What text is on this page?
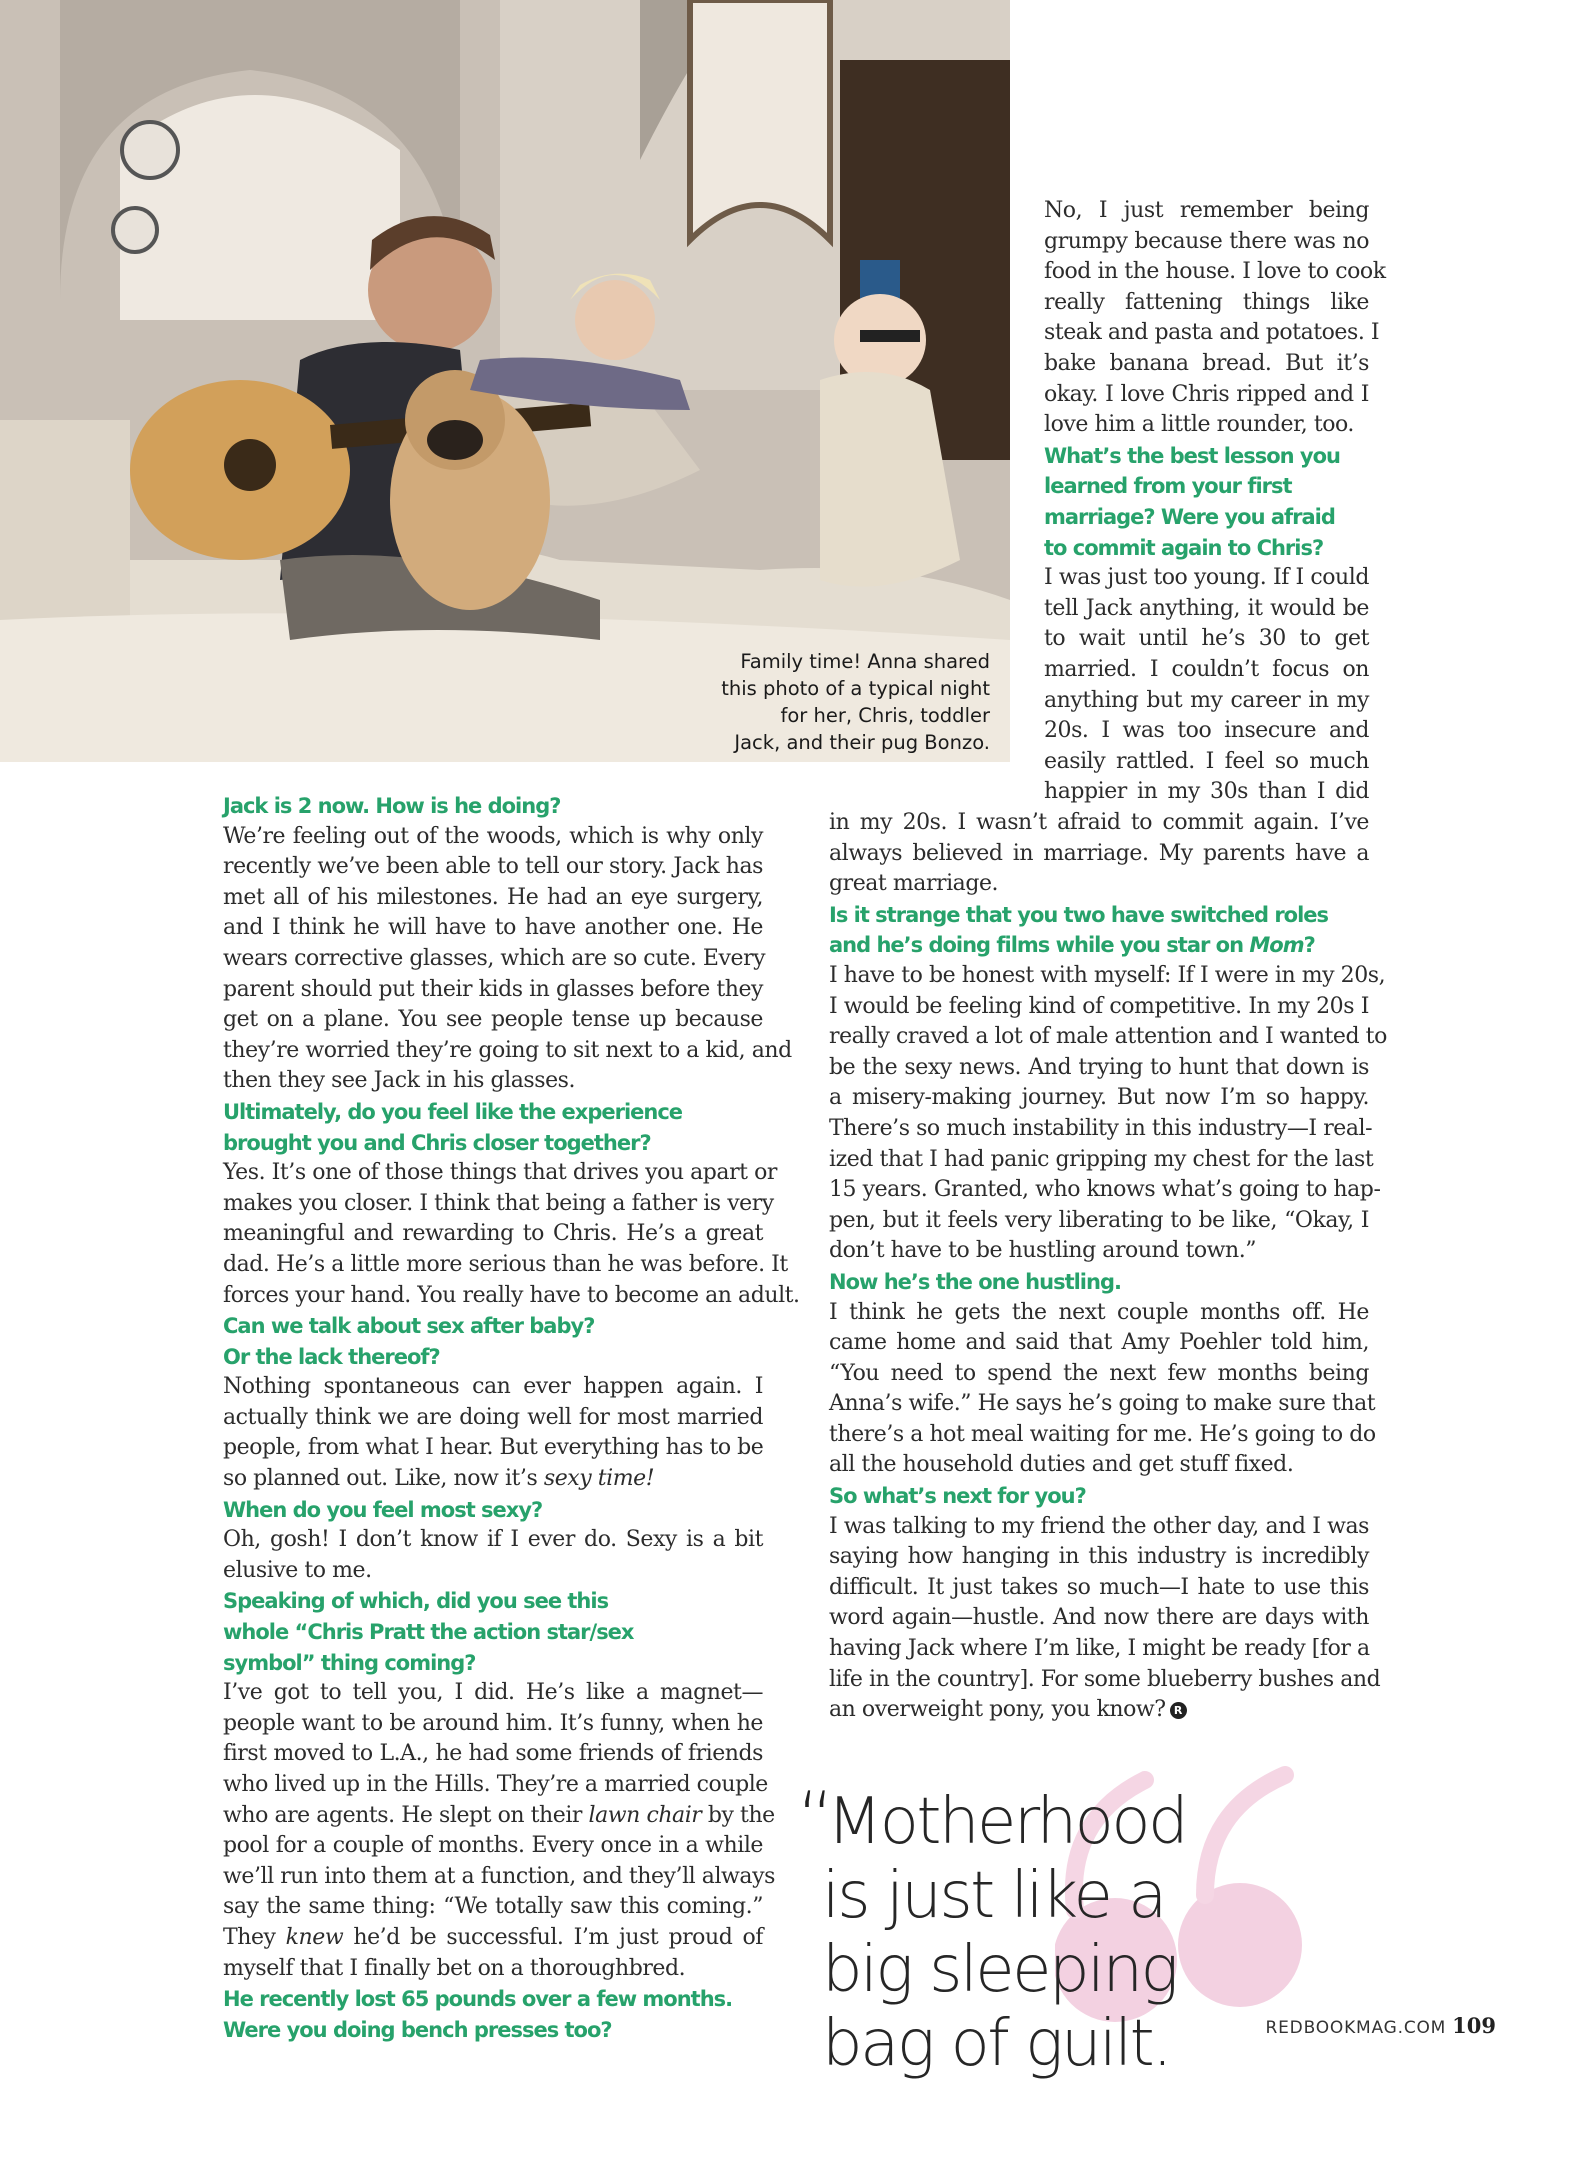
Family time! Anna shared
this photo of a typical night
for her, Chris, toddler
Jack, and their pug Bonzo.
No, I just remember being
grumpy because there was no
food in the house. I love to cook
really fattening things like
steak and pasta and potatoes. I
bake banana bread. But it’s
okay. I love Chris ripped and I
love him a little rounder, too.
What’s the best lesson you
learned from your first
marriage? Were you afraid
to commit again to Chris?
I was just too young. If I could
tell Jack anything, it would be
to wait until he’s 30 to get
married. I couldn’t focus on
anything but my career in my
20s. I was too insecure and
easily rattled. I feel so much
happier in my 30s than I did
Jack is 2 now. How is he doing?
We’re feeling out of the woods, which is why only
recently we’ve been able to tell our story. Jack has
met all of his milestones. He had an eye surgery,
and I think he will have to have another one. He
wears corrective glasses, which are so cute. Every
parent should put their kids in glasses before they
get on a plane. You see people tense up because
they’re worried they’re going to sit next to a kid, and
then they see Jack in his glasses.
Ultimately, do you feel like the experience
brought you and Chris closer together?
Yes. It’s one of those things that drives you apart or
makes you closer. I think that being a father is very
meaningful and rewarding to Chris. He’s a great
dad. He’s a little more serious than he was before. It
forces your hand. You really have to become an adult.
Can we talk about sex after baby?
Or the lack thereof?
Nothing spontaneous can ever happen again. I
actually think we are doing well for most married
people, from what I hear. But everything has to be
so planned out. Like, now it’s sexy time!
When do you feel most sexy?
Oh, gosh! I don’t know if I ever do. Sexy is a bit
elusive to me.
Speaking of which, did you see this
whole “Chris Pratt the action star/sex
symbol” thing coming?
I’ve got to tell you, I did. He’s like a magnet—
people want to be around him. It’s funny, when he
first moved to L.A., he had some friends of friends
who lived up in the Hills. They’re a married couple
who are agents. He slept on their lawn chair by the
pool for a couple of months. Every once in a while
we’ll run into them at a function, and they’ll always
say the same thing: “We totally saw this coming.”
They knew he’d be successful. I’m just proud of
myself that I finally bet on a thoroughbred.
He recently lost 65 pounds over a few months.
Were you doing bench presses too?
in my 20s. I wasn’t afraid to commit again. I’ve
always believed in marriage. My parents have a
great marriage.
Is it strange that you two have switched roles
and he’s doing films while you star on Mom?
I have to be honest with myself: If I were in my 20s,
I would be feeling kind of competitive. In my 20s I
really craved a lot of male attention and I wanted to
be the sexy news. And trying to hunt that down is
a misery-making journey. But now I’m so happy.
There’s so much instability in this industry—I real-
ized that I had panic gripping my chest for the last
15 years. Granted, who knows what’s going to hap-
pen, but it feels very liberating to be like, “Okay, I
don’t have to be hustling around town.”
Now he’s the one hustling.
I think he gets the next couple months off. He
came home and said that Amy Poehler told him,
“You need to spend the next few months being
Anna’s wife.” He says he’s going to make sure that
there’s a hot meal waiting for me. He’s going to do
all the household duties and get stuff fixed.
So what’s next for you?
I was talking to my friend the other day, and I was
saying how hanging in this industry is incredibly
difficult. It just takes so much—I hate to use this
word again—hustle. And now there are days with
having Jack where I’m like, I might be ready [for a
life in the country]. For some blueberry bushes and
an overweight pony, you know? R
“
Motherhood
is just like a
big sleeping
bag of guilt.	REDBOOKMAG.COM 109
